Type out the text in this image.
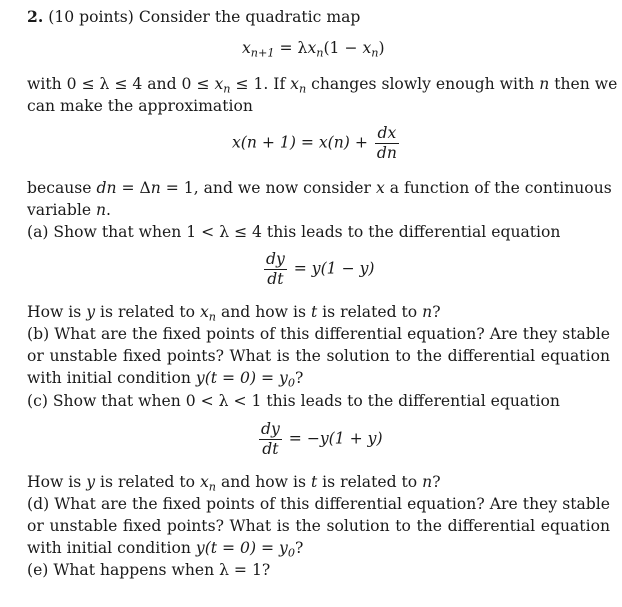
2. (10 points) Consider the quadratic map
$x_{n+1} = \lambda x_n(1 - x_n)$
with 0 ≤ λ ≤ 4 and $0 \le x_n \le 1$. If $x_n$ changes slowly enough with n then we
can make the approximation
$x(n + 1) = x(n) + \frac{dx}{dn}$
because dn = Δn = 1, and we now consider x a function of the continuous
variable n.
(a) Show that when 1 < λ ≤ 4 this leads to the differential equation
$\frac{dy}{dt} = y(1 - y)$
How is y is related to $x_n$ and how is t is related to n?
(b) What are the fixed points of this differential equation? Are they stable
or unstable fixed points? What is the solution to the differential equation
with initial condition $y(t = 0) = y_0$?
(c) Show that when 0 < λ < 1 this leads to the differential equation
$\frac{dy}{dt} = -y(1 + y)$
How is y is related to $x_n$ and how is t is related to n?
(d) What are the fixed points of this differential equation? Are they stable
or unstable fixed points? What is the solution to the differential equation
with initial condition $y(t = 0) = y_0$?
(e) What happens when λ = 1?
